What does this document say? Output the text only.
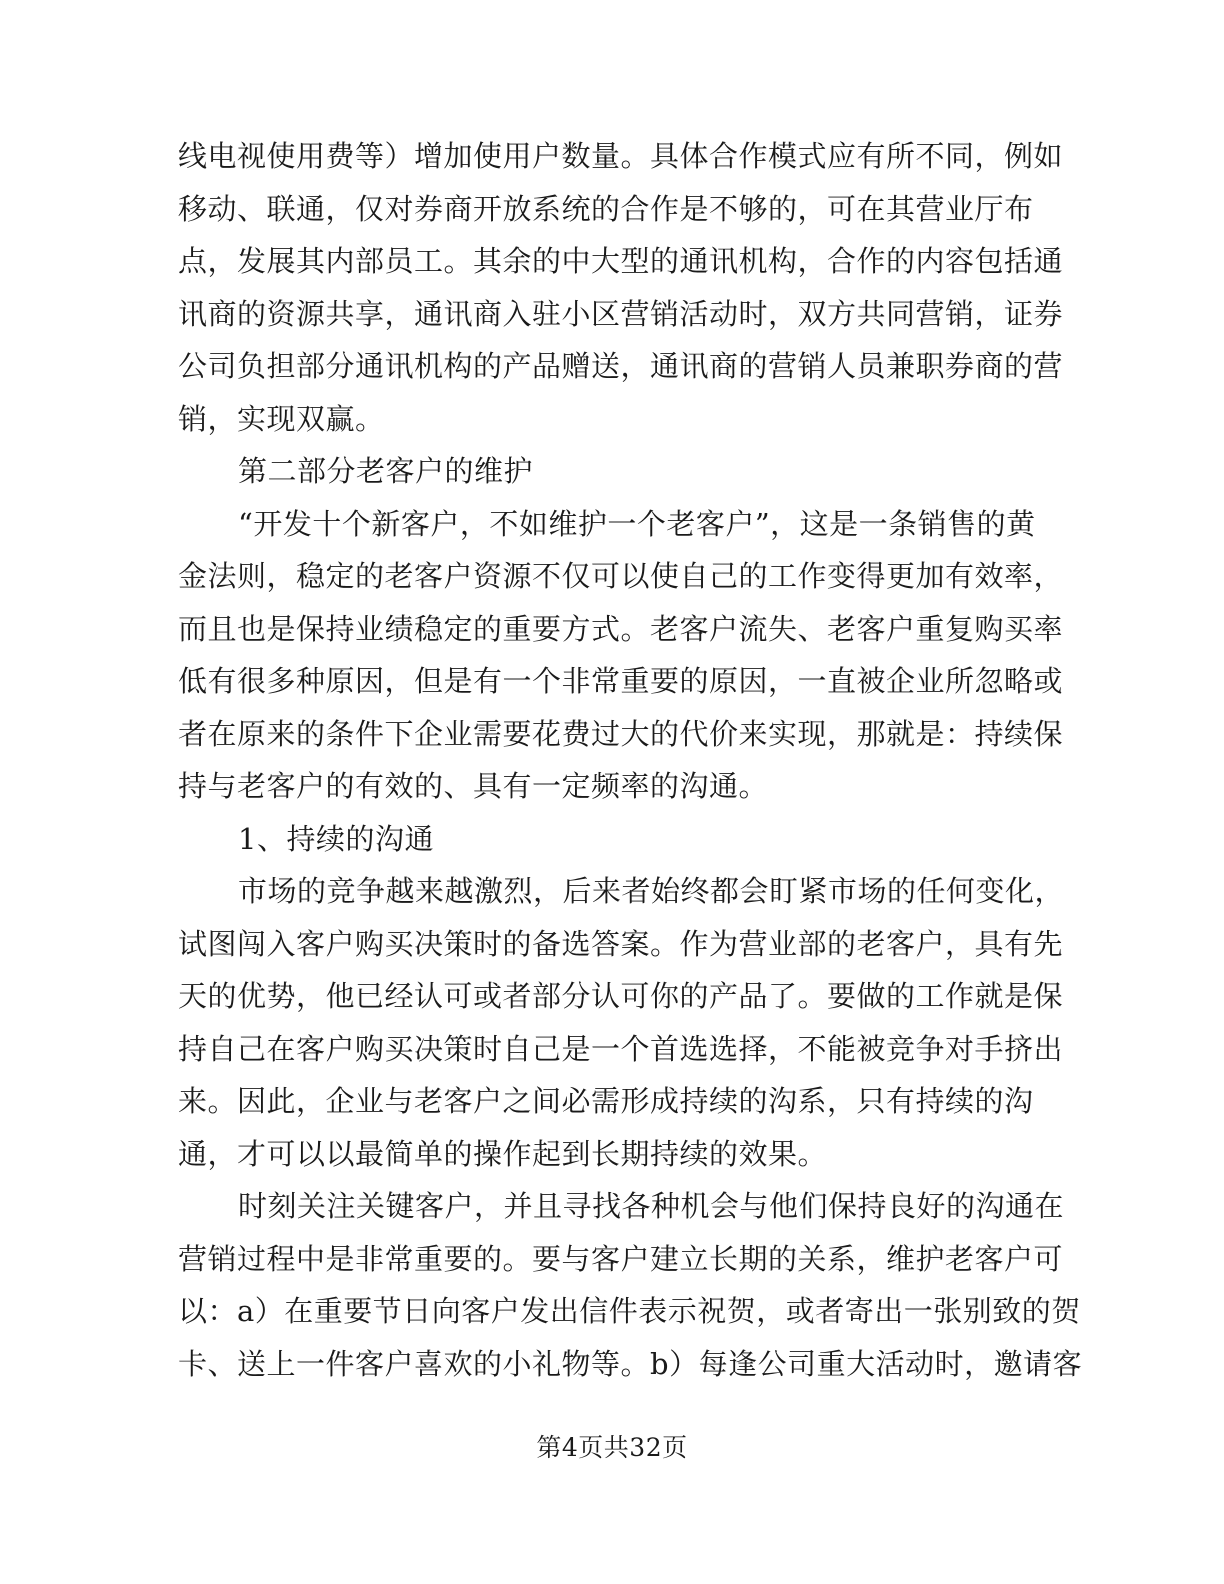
线电视使用费等）增加使用户数量。具体合作模式应有所不同，例如
移动、联通，仅对券商开放系统的合作是不够的，可在其营业厅布
点，发展其内部员工。其余的中大型的通讯机构，合作的内容包括通
讯商的资源共享，通讯商入驻小区营销活动时，双方共同营销，证券
公司负担部分通讯机构的产品赠送，通讯商的营销人员兼职券商的营
销，实现双赢。
第二部分老客户的维护
“开发十个新客户，不如维护一个老客户”，这是一条销售的黄
金法则，稳定的老客户资源不仅可以使自己的工作变得更加有效率，
而且也是保持业绩稳定的重要方式。老客户流失、老客户重复购买率
低有很多种原因，但是有一个非常重要的原因，一直被企业所忽略或
者在原来的条件下企业需要花费过大的代价来实现，那就是：持续保
持与老客户的有效的、具有一定频率的沟通。
1、持续的沟通
市场的竞争越来越激烈，后来者始终都会盯紧市场的任何变化，
试图闯入客户购买决策时的备选答案。作为营业部的老客户，具有先
天的优势，他已经认可或者部分认可你的产品了。要做的工作就是保
持自己在客户购买决策时自己是一个首选选择，不能被竞争对手挤出
来。因此，企业与老客户之间必需形成持续的沟系，只有持续的沟
通，才可以以最简单的操作起到长期持续的效果。
时刻关注关键客户，并且寻找各种机会与他们保持良好的沟通在
营销过程中是非常重要的。要与客户建立长期的关系，维护老客户可
以：a）在重要节日向客户发出信件表示祝贺，或者寄出一张别致的贺
卡、送上一件客户喜欢的小礼物等。b）每逢公司重大活动时，邀请客
第4页共32页
